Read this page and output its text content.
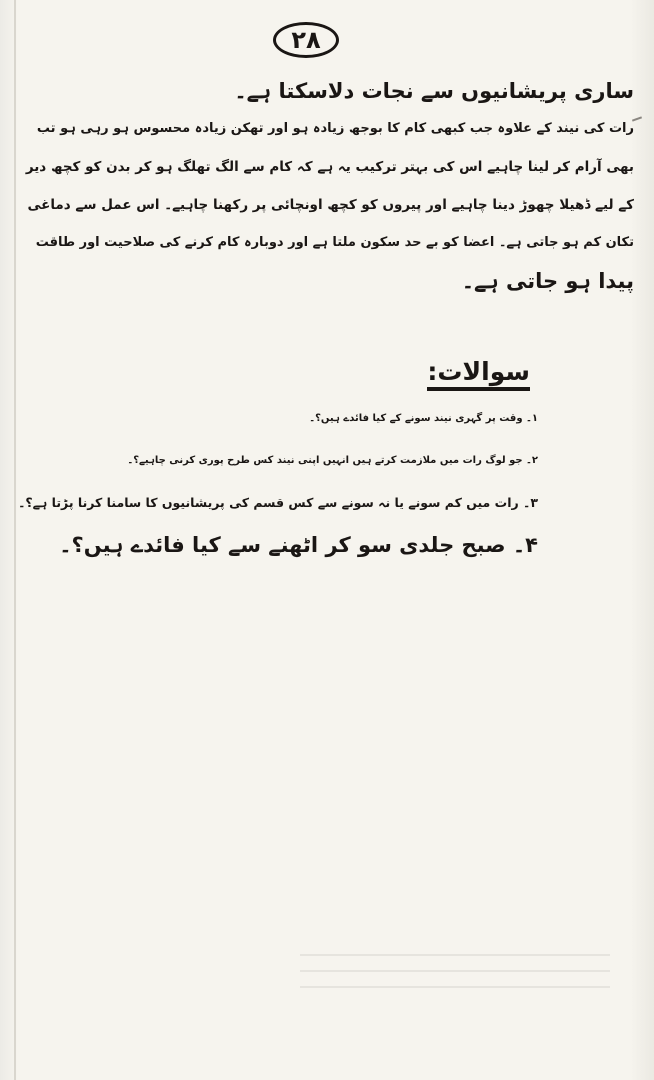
۲۸

ساری پریشانیوں سے نجات دلاسکتا ہے۔

رات کی نیند کے علاوہ جب کبھی کام کا بوجھ زیادہ ہو اور تھکن زیادہ محسوس ہو رہی ہو تب

بھی آرام کر لینا چاہیے اس کی بہتر ترکیب یہ ہے کہ کام سے الگ تھلگ ہو کر بدن کو کچھ دیر

کے لیے ڈھیلا چھوڑ دینا چاہیے اور پیروں کو کچھ اونچائی پر رکھنا چاہیے۔ اس عمل سے دماغی

تکان کم ہو جاتی ہے۔ اعضا کو بے حد سکون ملتا ہے اور دوبارہ کام کرنے کی صلاحیت اور طاقت

پیدا ہو جاتی ہے۔

سوالات:
۱۔ وقت پر گہری نیند سونے کے کیا فائدے ہیں؟۔
۲۔ جو لوگ رات میں ملازمت کرتے ہیں انہیں اپنی نیند کس طرح پوری کرنی چاہیے؟۔
۳۔ رات میں کم سونے یا نہ سونے سے کس قسم کی پریشانیوں کا سامنا کرنا پڑتا ہے؟۔
۴۔ صبح جلدی سو کر اٹھنے سے کیا فائدے ہیں؟۔
